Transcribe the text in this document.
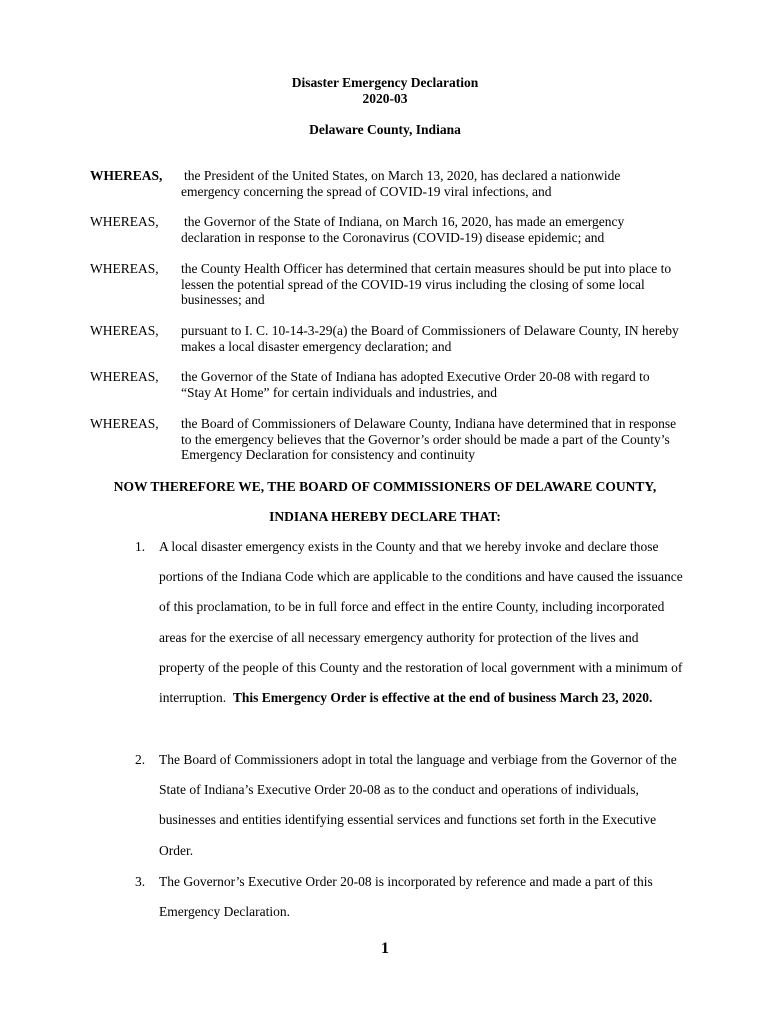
Disaster Emergency Declaration
2020-03
Delaware County, Indiana
WHEREAS, the President of the United States, on March 13, 2020, has declared a nationwide emergency concerning the spread of COVID-19 viral infections, and
WHEREAS, the Governor of the State of Indiana, on March 16, 2020, has made an emergency declaration in response to the Coronavirus (COVID-19) disease epidemic; and
WHEREAS, the County Health Officer has determined that certain measures should be put into place to lessen the potential spread of the COVID-19 virus including the closing of some local businesses; and
WHEREAS, pursuant to I. C. 10-14-3-29(a) the Board of Commissioners of Delaware County, IN hereby makes a local disaster emergency declaration; and
WHEREAS, the Governor of the State of Indiana has adopted Executive Order 20-08 with regard to “Stay At Home” for certain individuals and industries, and
WHEREAS, the Board of Commissioners of Delaware County, Indiana have determined that in response to the emergency believes that the Governor’s order should be made a part of the County’s Emergency Declaration for consistency and continuity
NOW THEREFORE WE, THE BOARD OF COMMISSIONERS OF DELAWARE COUNTY,
INDIANA HEREBY DECLARE THAT:
1. A local disaster emergency exists in the County and that we hereby invoke and declare those portions of the Indiana Code which are applicable to the conditions and have caused the issuance of this proclamation, to be in full force and effect in the entire County, including incorporated areas for the exercise of all necessary emergency authority for protection of the lives and property of the people of this County and the restoration of local government with a minimum of interruption. This Emergency Order is effective at the end of business March 23, 2020.
2. The Board of Commissioners adopt in total the language and verbiage from the Governor of the State of Indiana’s Executive Order 20-08 as to the conduct and operations of individuals, businesses and entities identifying essential services and functions set forth in the Executive Order.
3. The Governor’s Executive Order 20-08 is incorporated by reference and made a part of this Emergency Declaration.
1
